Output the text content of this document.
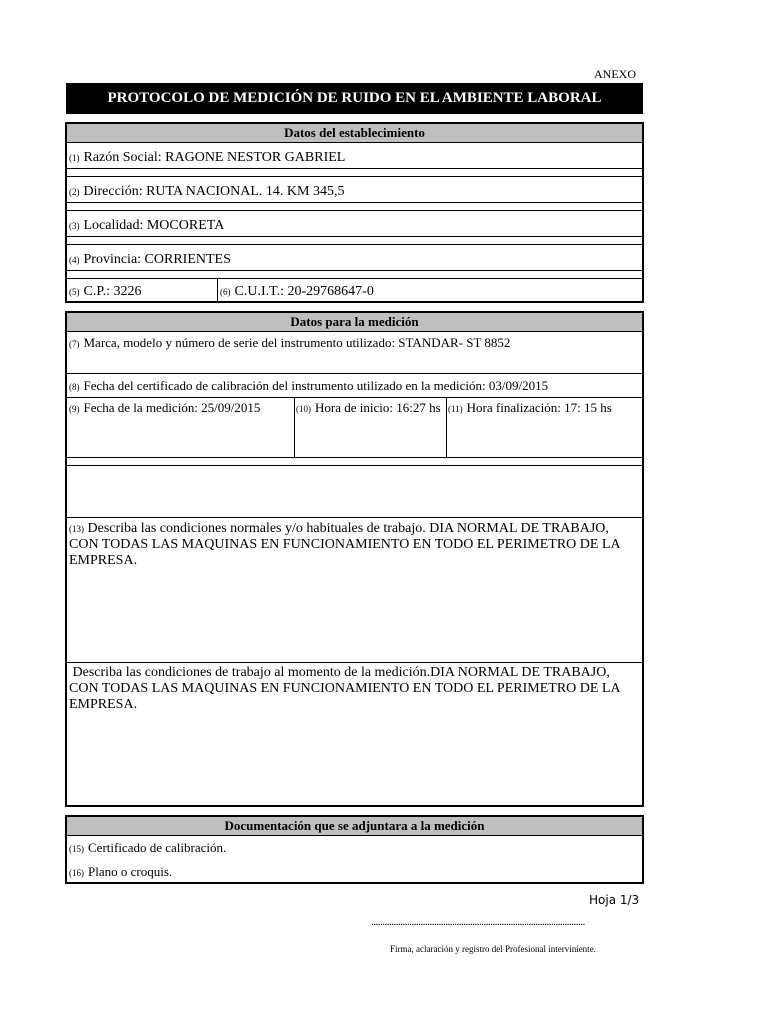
ANEXO
PROTOCOLO DE MEDICIÓN DE RUIDO EN EL AMBIENTE LABORAL
Datos del establecimiento
(1) Razón Social: RAGONE NESTOR GABRIEL
(2) Dirección: RUTA NACIONAL. 14. KM 345,5
(3) Localidad: MOCORETA
(4) Provincia: CORRIENTES
(5) C.P.: 3226	(6) C.U.I.T.: 20-29768647-0
Datos para la medición
(7) Marca, modelo y número de serie del instrumento utilizado: STANDAR- ST 8852
(8) Fecha del certificado de calibración del instrumento utilizado en la medición: 03/09/2015
(9) Fecha de la medición: 25/09/2015	(10) Hora de inicio: 16:27 hs (11) Hora finalización: 17: 15 hs
(13) Describa las condiciones normales y/o habituales de trabajo. DIA NORMAL DE TRABAJO,
CON TODAS LAS MAQUINAS EN FUNCIONAMIENTO EN TODO EL PERIMETRO DE LA EMPRESA.
Describa las condiciones de trabajo al momento de la medición.DIA NORMAL DE TRABAJO,
CON TODAS LAS MAQUINAS EN FUNCIONAMIENTO EN TODO EL PERIMETRO DE LA EMPRESA.
Documentación que se adjuntara a la medición
(15) Certificado de calibración.
(16) Plano o croquis.
Hoja 1/3
...............................................................................................
Firma, aclaración y registro del Profesional interviniente.
